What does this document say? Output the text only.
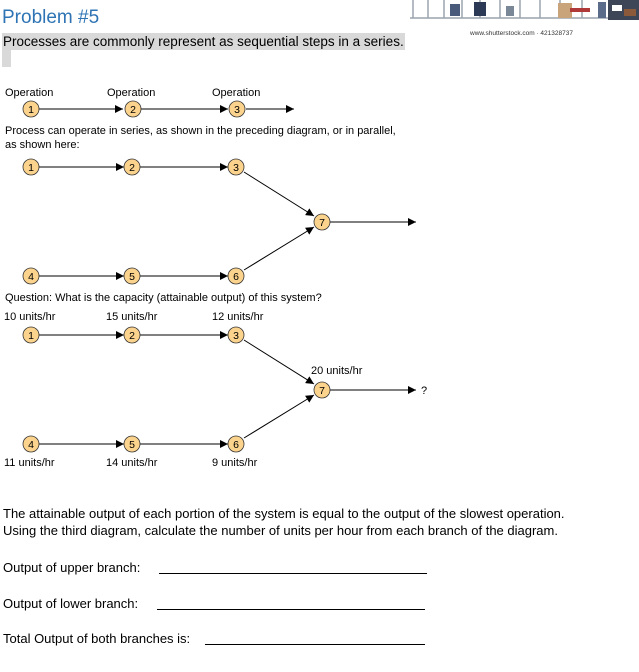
Problem #5
Processes are commonly represent as sequential steps in a series.
www.shutterstock.com · 421328737
Operation	Operation	Operation
1	2	3
Process can operate in series, as shown in the preceding diagram, or in parallel,
as shown here:
1	2	3
7
4	5	6
Question: What is the capacity (attainable output) of this system?
10 units/hr	15 units/hr	12 units/hr
20 units/hr
11 units/hr	14 units/hr	9 units/hr
?
1	2	3
7
4	5	6
The attainable output of each portion of the system is equal to the output of the slowest operation.
Using the third diagram, calculate the number of units per hour from each branch of the diagram.
Output of upper branch:
Output of lower branch:
Total Output of both branches is:
